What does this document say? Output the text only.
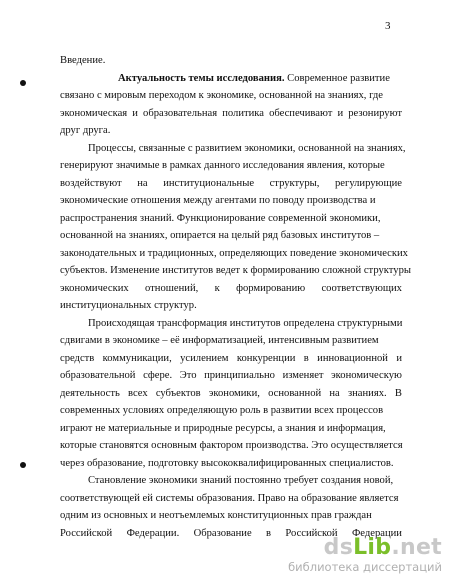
3
Введение.
Актуальность темы исследования. Современное развитие
связано с мировым переходом к экономике, основанной на знаниях, где
экономическая и образовательная политика обеспечивают и резонируют
друг друга.
Процессы, связанные с развитием экономики, основанной на знаниях,
генерируют значимые в рамках данного исследования явления, которые
воздействуют на институциональные структуры, регулирующие
экономические отношения между агентами по поводу производства и
распространения знаний. Функционирование современной экономики,
основанной на знаниях, опирается на целый ряд базовых институтов –
законодательных и традиционных, определяющих поведение экономических
субъектов. Изменение институтов ведет к формированию сложной структуры
экономических отношений, к формированию соответствующих
институциональных структур.
Происходящая трансформация институтов определена структурными
сдвигами в экономике – её информатизацией, интенсивным развитием
средств коммуникации, усилением конкуренции в инновационной и
образовательной сфере. Это принципиально изменяет экономическую
деятельность всех субъектов экономики, основанной на знаниях. В
современных условиях определяющую роль в развитии всех процессов
играют не материальные и природные ресурсы, а знания и информация,
которые становятся основным фактором производства. Это осуществляется
через образование, подготовку высококвалифицированных специалистов.
Становление экономики знаний постоянно требует создания новой,
соответствующей ей системы образования. Право на образование является
одним из основных и неотъемлемых конституционных прав граждан
Российской Федерации. Образование в Российской Федерации
dsLib.net
библиотека диссертаций
